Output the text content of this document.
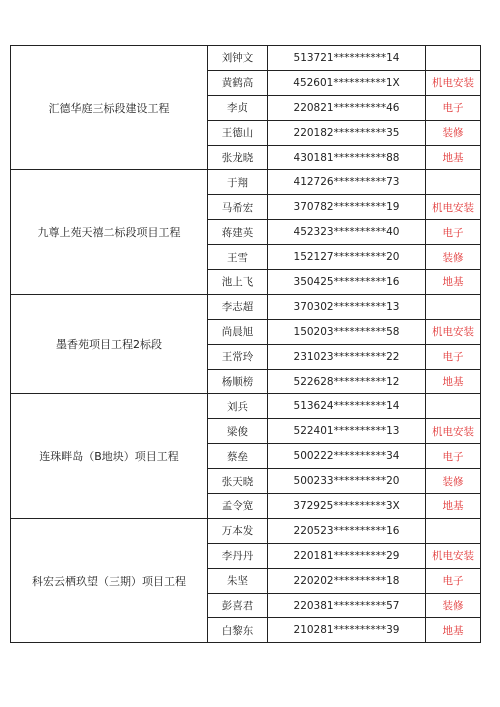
汇德华庭三标段建设工程	刘钟文	513721**********14	
	黄鹤高	452601**********1X	机电安装
	李贞	220821**********46	电子
	王德山	220182**********35	装修
	张龙晓	430181**********88	地基
九尊上苑天禧二标段项目工程	于翔	412726**********73	
	马希宏	370782**********19	机电安装
	蒋建英	452323**********40	电子
	王雪	152127**********20	装修
	池上飞	350425**********16	地基
墨香苑项目工程2标段	李志超	370302**********13	
	尚晨旭	150203**********58	机电安装
	王常玲	231023**********22	电子
	杨顺榜	522628**********12	地基
连珠畔岛（B地块）项目工程	刘兵	513624**********14	
	梁俊	522401**********13	机电安装
	蔡垒	500222**********34	电子
	张天晓	500233**********20	装修
	孟令宽	372925**********3X	地基
科宏云栖玖望（三期）项目工程	万本发	220523**********16	
	李丹丹	220181**********29	机电安装
	朱坚	220202**********18	电子
	彭喜君	220381**********57	装修
	白黎东	210281**********39	地基
